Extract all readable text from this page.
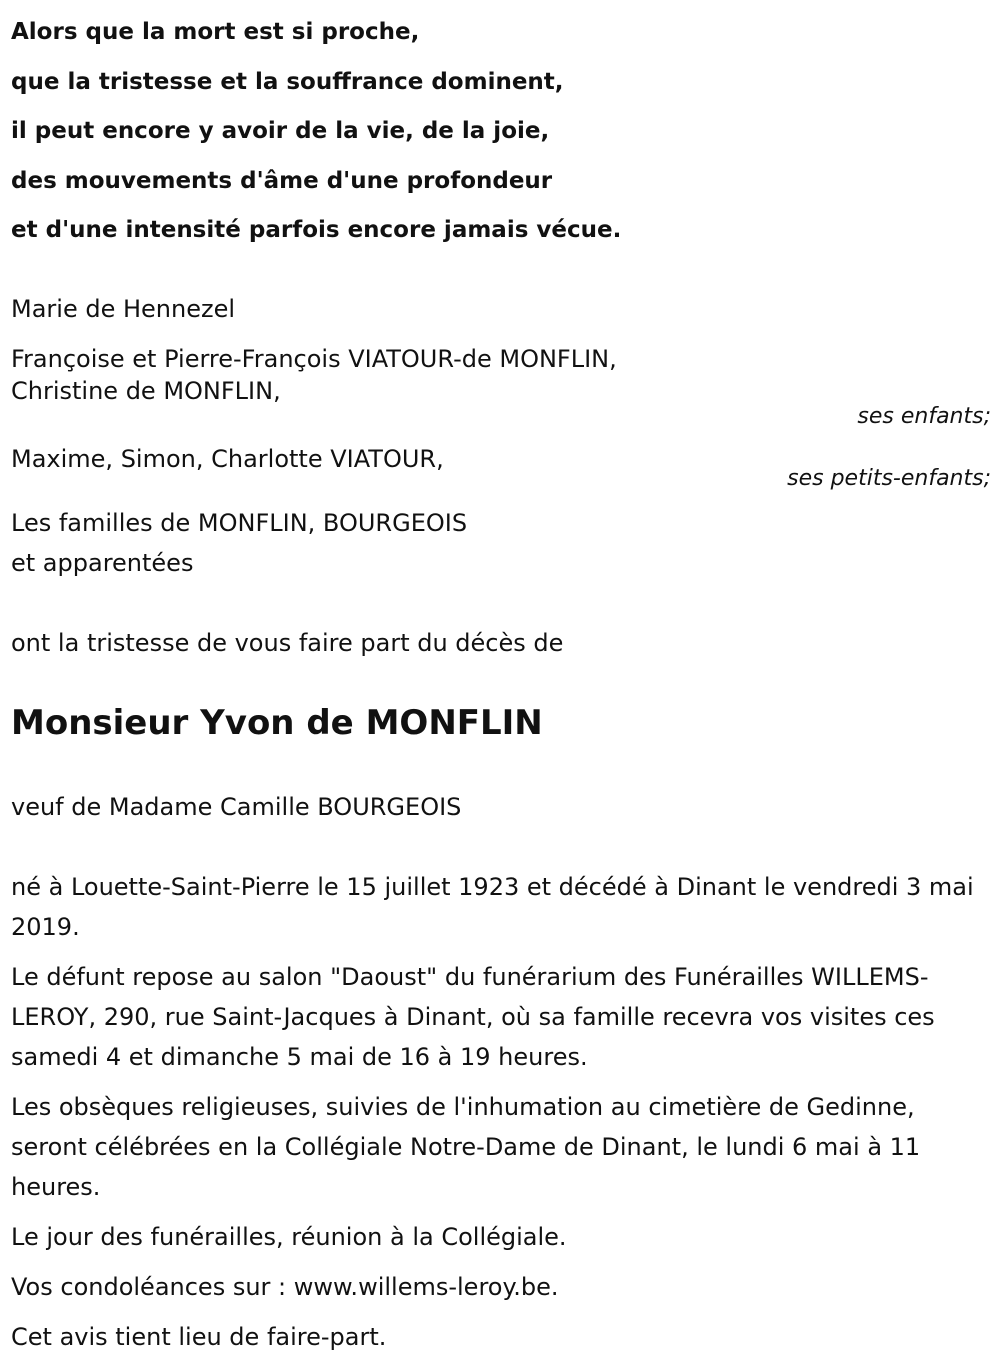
Alors que la mort est si proche,
que la tristesse et la souffrance dominent,
il peut encore y avoir de la vie, de la joie,
des mouvements d'âme d'une profondeur
et d'une intensité parfois encore jamais vécue.
Marie de Hennezel
Françoise et Pierre-François VIATOUR-de MONFLIN,
Christine de MONFLIN,
ses enfants;
Maxime, Simon, Charlotte VIATOUR,
ses petits-enfants;
Les familles de MONFLIN, BOURGEOIS
et apparentées
ont la tristesse de vous faire part du décès de
Monsieur Yvon de MONFLIN
veuf de Madame Camille BOURGEOIS
né à Louette-Saint-Pierre le 15 juillet 1923 et décédé à Dinant le vendredi 3 mai 2019.
Le défunt repose au salon "Daoust" du funérarium des Funérailles WILLEMS-LEROY, 290, rue Saint-Jacques à Dinant, où sa famille recevra vos visites ces samedi 4 et dimanche 5 mai de 16 à 19 heures.
Les obsèques religieuses, suivies de l'inhumation au cimetière de Gedinne, seront célébrées en la Collégiale Notre-Dame de Dinant, le lundi 6 mai à 11 heures.
Le jour des funérailles, réunion à la Collégiale.
Vos condoléances sur : www.willems-leroy.be.
Cet avis tient lieu de faire-part.
